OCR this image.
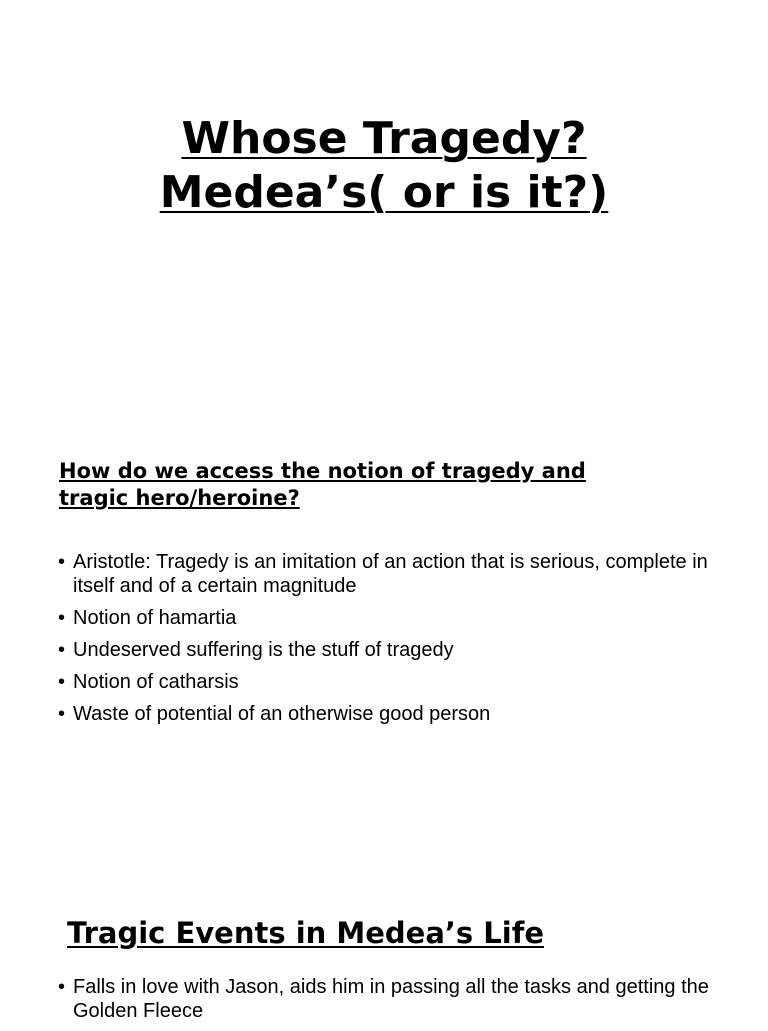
Whose Tragedy?
Medea’s( or is it?)
How do we access the notion of tragedy and
tragic hero/heroine?
• Aristotle: Tragedy is an imitation of an action that is serious, complete in itself and of a certain magnitude
• Notion of hamartia
• Undeserved suffering is the stuff of tragedy
• Notion of catharsis
• Waste of potential of an otherwise good person
Tragic Events in Medea’s Life
• Falls in love with Jason, aids him in passing all the tasks and getting the Golden Fleece
